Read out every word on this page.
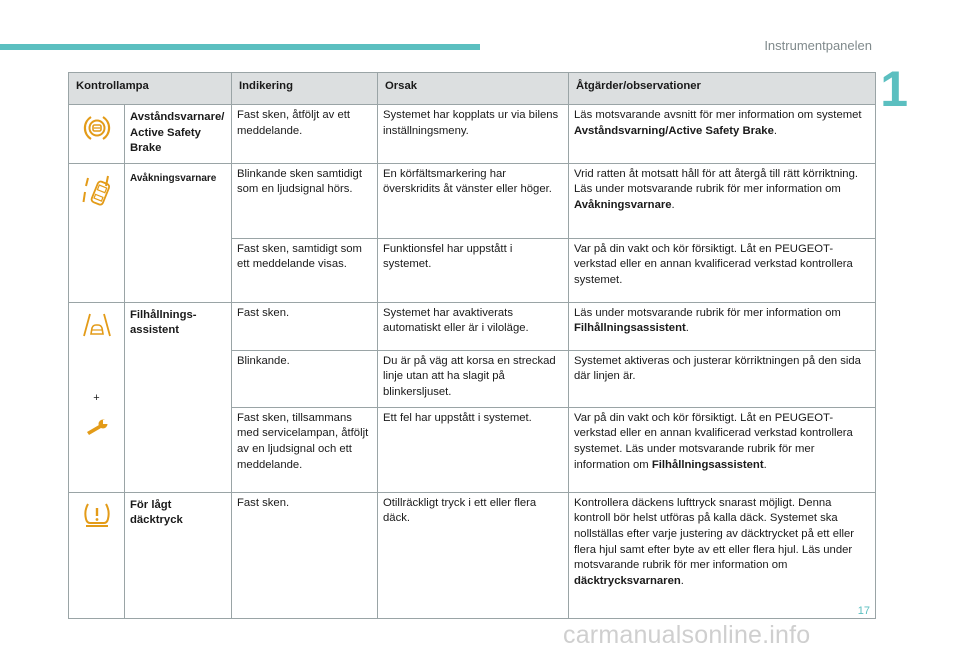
Instrumentpanelen
1
Kontrollampa		Indikering	Orsak	Åtgärder/observationer

	Avståndsvarnare/ Active Safety Brake	Fast sken, åtföljt av ett meddelande.	Systemet har kopplats ur via bilens inställningsmeny.	Läs motsvarande avsnitt för mer information om systemet Avståndsvarning/Active Safety Brake.

	Avåkningsvarnare	Blinkande sken samtidigt som en ljudsignal hörs.	En körfältsmarkering har överskridits åt vänster eller höger.	Vrid ratten åt motsatt håll för att återgå till rätt körriktning. Läs under motsvarande rubrik för mer information om Avåkningsvarnare.
		Fast sken, samtidigt som ett meddelande visas.	Funktionsfel har uppstått i systemet.	Var på din vakt och kör försiktigt. Låt en PEUGEOT-verkstad eller en annan kvalificerad verkstad kontrollera systemet.

+	Filhållnings-assistent	Fast sken.	Systemet har avaktiverats automatiskt eller är i viloläge.	Läs under motsvarande rubrik för mer information om Filhållningsassistent.
		Blinkande.	Du är på väg att korsa en streckad linje utan att ha slagit på blinkersljuset.	Systemet aktiveras och justerar körriktningen på den sida där linjen är.
		Fast sken, tillsammans med servicelampan, åtföljt av en ljudsignal och ett meddelande.	Ett fel har uppstått i systemet.	Var på din vakt och kör försiktigt. Låt en PEUGEOT-verkstad eller en annan kvalificerad verkstad kontrollera systemet. Läs under motsvarande rubrik för mer information om Filhållningsassistent.

	För lågt däcktryck	Fast sken.	Otillräckligt tryck i ett eller flera däck.	Kontrollera däckens lufttryck snarast möjligt. Denna kontroll bör helst utföras på kalla däck. Systemet ska nollställas efter varje justering av däcktrycket på ett eller flera hjul samt efter byte av ett eller flera hjul. Läs under motsvarande rubrik för mer information om däcktrycksvarnaren.
17
carmanualsonline.info
